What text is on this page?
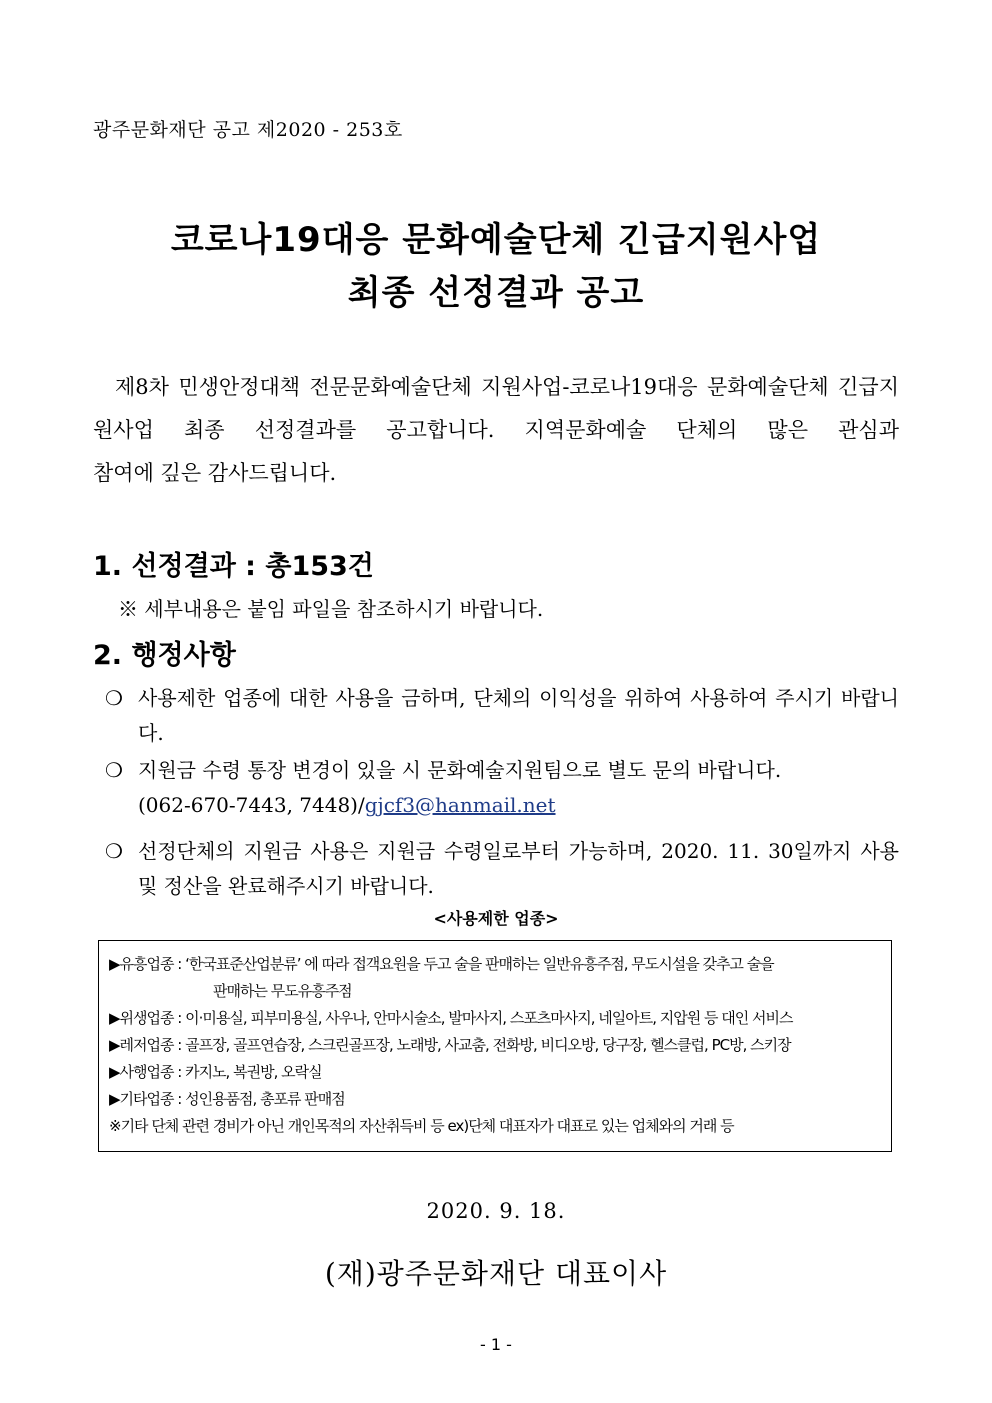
광주문화재단 공고 제2020 - 253호
코로나19대응 문화예술단체 긴급지원사업
최종 선정결과 공고
제8차 민생안정대책 전문문화예술단체 지원사업-코로나19대응 문화예술단체 긴급지원사업 최종 선정결과를 공고합니다. 지역문화예술 단체의 많은 관심과
참여에 깊은 감사드립니다.
1. 선정결과 : 총153건
※ 세부내용은 붙임 파일을 참조하시기 바랍니다.
2. 행정사항
❍ 사용제한 업종에 대한 사용을 금하며, 단체의 이익성을 위하여 사용하여 주시기 바랍니다.
❍ 지원금 수령 통장 변경이 있을 시 문화예술지원팀으로 별도 문의 바랍니다.
(062-670-7443, 7448)/gjcf3@hanmail.net
❍ 선정단체의 지원금 사용은 지원금 수령일로부터 가능하며, 2020. 11. 30일까지 사용 및 정산을 완료해주시기 바랍니다.
<사용제한 업종>
▶유흥업종 : ‘한국표준산업분류’ 에 따라 접객요원을 두고 술을 판매하는 일반유흥주점, 무도시설을 갖추고 술을
판매하는 무도유흥주점
▶위생업종 : 이‧미용실, 피부미용실, 사우나, 안마시술소, 발마사지, 스포츠마사지, 네일아트, 지압원 등 대인 서비스
▶레저업종 : 골프장, 골프연습장, 스크린골프장, 노래방, 사교춤, 전화방, 비디오방, 당구장, 헬스클럽, PC방, 스키장
▶사행업종 : 카지노, 복권방, 오락실
▶기타업종 : 성인용품점, 총포류 판매점
※기타 단체 관련 경비가 아닌 개인목적의 자산취득비 등 ex)단체 대표자가 대표로 있는 업체와의 거래 등
2020. 9. 18.
(재)광주문화재단 대표이사
- 1 -
